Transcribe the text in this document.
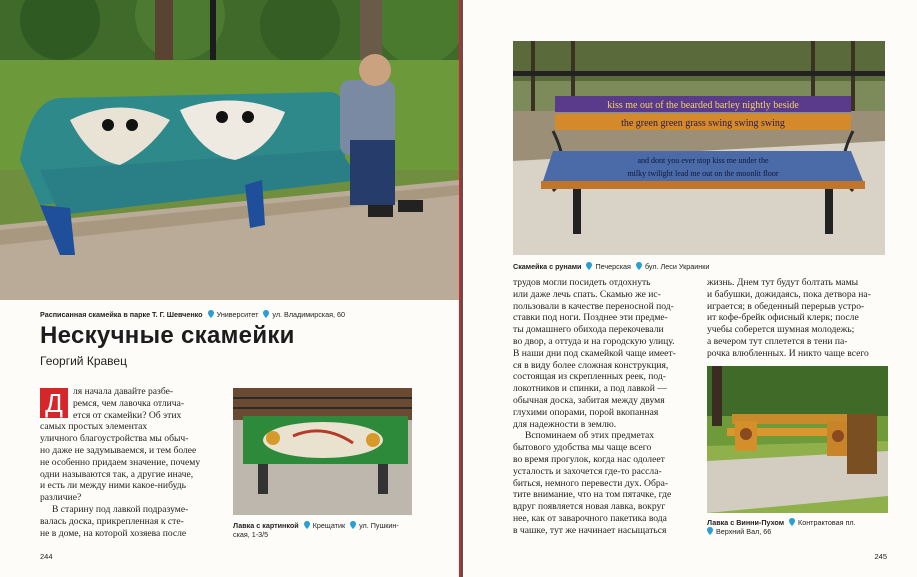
Расписанная скамейка в парке Т. Г. Шевченко Университет ул. Владимирская, 60
Нескучные скамейки
Георгий Кравец

Д	ля начала давайте разбе-
ремся, чем лавочка отлича-
ется от скамейки? Об этих
самых простых элементах
уличного благоустройства мы обыч-
но даже не задумываемся, и тем более
не особенно придаем значение, почему
одни называются так, а другие иначе,
и есть ли между ними какое-нибудь
различие?

В старину под лавкой подразуме-
валась доска, прикрепленная к сте-
не в доме, на которой хозяева после

Лавка с картинкой Крещатик ул. Пушкин-
ская, 1-3/5
244
kiss me out of the bearded barley nightly beside
the green green grass swing swing swing
and dont you ever stop kiss me under the
milky twilight lead me out on the moonlit floor
Скамейка с рунами Печерская бул. Леси Украинки

трудов могли посидеть отдохнуть
или даже лечь спать. Скамью же ис-
пользовали в качестве переносной под-
ставки под ноги. Позднее эти предме-
ты домашнего обихода перекочевали
во двор, а оттуда и на городскую улицу.
В наши дни под скамейкой чаще имеет-
ся в виду более сложная конструкция,
состоящая из скрепленных реек, под-
локотников и спинки, а под лавкой —
обычная доска, забитая между двумя
глухими опорами, порой вкопанная
для надежности в землю.

Вспоминаем об этих предметах
бытового удобства мы чаще всего
во время прогулок, когда нас одолеет
усталость и захочется где-то рассла-
биться, немного перевести дух. Обра-
тите внимание, что на том пятачке, где
вдруг появляется новая лавка, вокруг
нее, как от заварочного пакетика вода
в чашке, тут же начинает насыщаться

жизнь. Днем тут будут болтать мамы
и бабушки, дожидаясь, пока детвора на-
играется; в обеденный перерыв устро-
ит кофе-брейк офисный клерк; после
учебы соберется шумная молодежь;
а вечером тут сплетется в тени па-
рочка влюбленных. И никто чаще всего

Лавка с Винни-Пухом Контрактовая пл.

Верхний Вал, 66
245
